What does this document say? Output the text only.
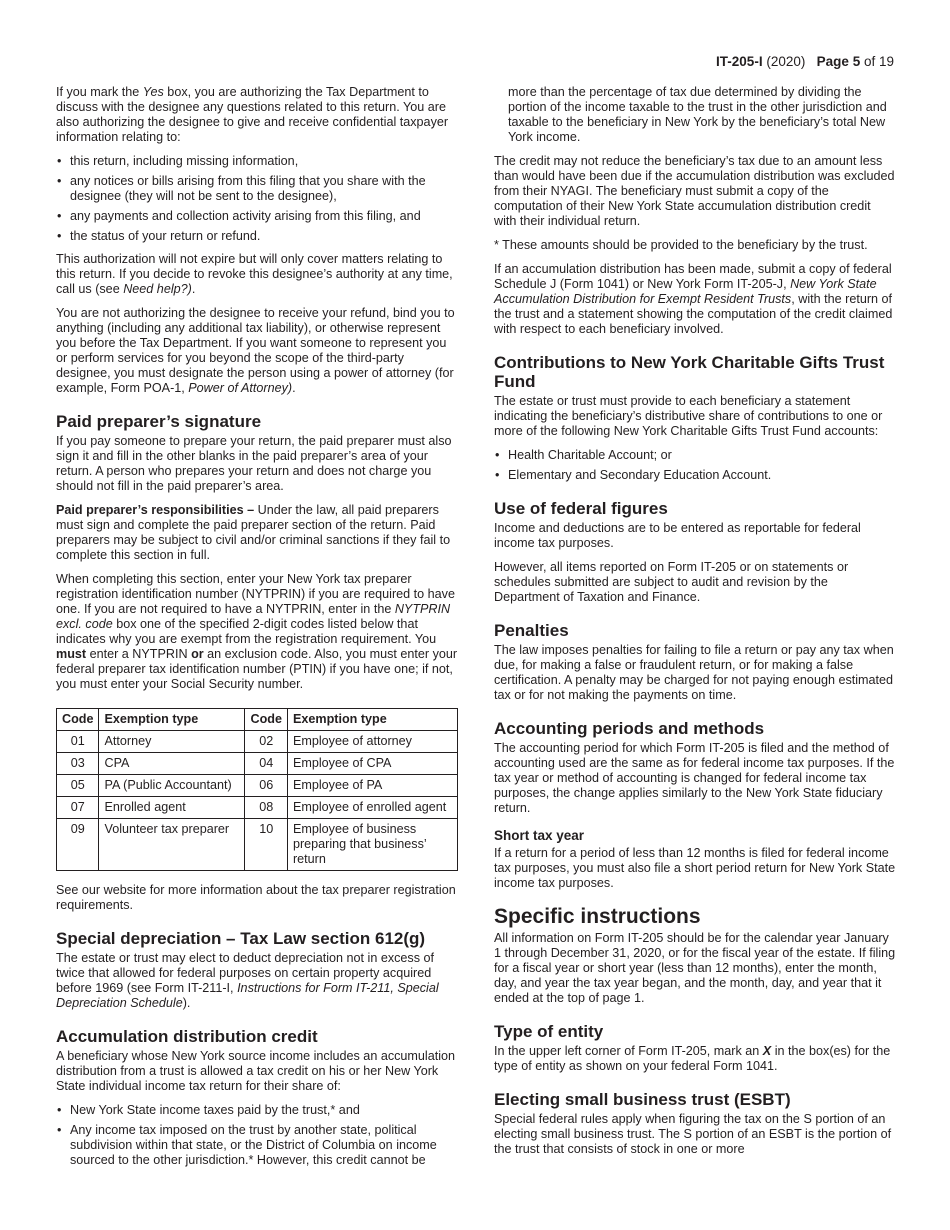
IT-205-I (2020) Page 5 of 19

If you mark the Yes box, you are authorizing the Tax Department to discuss with the designee any questions related to this return. You are also authorizing the designee to give and receive confidential taxpayer information relating to:

• this return, including missing information,
• any notices or bills arising from this filing that you share with the designee (they will not be sent to the designee),
• any payments and collection activity arising from this filing, and
• the status of your return or refund.

This authorization will not expire but will only cover matters relating to this return. If you decide to revoke this designee’s authority at any time, call us (see Need help?).

You are not authorizing the designee to receive your refund, bind you to anything (including any additional tax liability), or otherwise represent you before the Tax Department. If you want someone to represent you or perform services for you beyond the scope of the third-party designee, you must designate the person using a power of attorney (for example, Form POA-1, Power of Attorney).

Paid preparer’s signature

If you pay someone to prepare your return, the paid preparer must also sign it and fill in the other blanks in the paid preparer’s area of your return. A person who prepares your return and does not charge you should not fill in the paid preparer’s area.

Paid preparer’s responsibilities – Under the law, all paid preparers must sign and complete the paid preparer section of the return. Paid preparers may be subject to civil and/or criminal sanctions if they fail to complete this section in full.

When completing this section, enter your New York tax preparer registration identification number (NYTPRIN) if you are required to have one. If you are not required to have a NYTPRIN, enter in the NYTPRIN excl. code box one of the specified 2-digit codes listed below that indicates why you are exempt from the registration requirement. You must enter a NYTPRIN or an exclusion code. Also, you must enter your federal preparer tax identification number (PTIN) if you have one; if not, you must enter your Social Security number.

Code	Exemption type	Code	Exemption type
01	Attorney	02	Employee of attorney
03	CPA	04	Employee of CPA
05	PA (Public Accountant)	06	Employee of PA
07	Enrolled agent	08	Employee of enrolled agent
09	Volunteer tax preparer	10	Employee of business preparing that business’ return

See our website for more information about the tax preparer registration requirements.

Special depreciation – Tax Law section 612(g)

The estate or trust may elect to deduct depreciation not in excess of twice that allowed for federal purposes on certain property acquired before 1969 (see Form IT-211-I, Instructions for Form IT-211, Special Depreciation Schedule).

Accumulation distribution credit

A beneficiary whose New York source income includes an accumulation distribution from a trust is allowed a tax credit on his or her New York State individual income tax return for their share of:

• New York State income taxes paid by the trust,* and
• Any income tax imposed on the trust by another state, political subdivision within that state, or the District of Columbia on income sourced to the other jurisdiction.* However, this credit cannot be

more than the percentage of tax due determined by dividing the portion of the income taxable to the trust in the other jurisdiction and taxable to the beneficiary in New York by the beneficiary’s total New York income.

The credit may not reduce the beneficiary’s tax due to an amount less than would have been due if the accumulation distribution was excluded from their NYAGI. The beneficiary must submit a copy of the computation of their New York State accumulation distribution credit with their individual return.

* These amounts should be provided to the beneficiary by the trust.

If an accumulation distribution has been made, submit a copy of federal Schedule J (Form 1041) or New York Form IT-205-J, New York State Accumulation Distribution for Exempt Resident Trusts, with the return of the trust and a statement showing the computation of the credit claimed with respect to each beneficiary involved.

Contributions to New York Charitable Gifts Trust Fund

The estate or trust must provide to each beneficiary a statement indicating the beneficiary’s distributive share of contributions to one or more of the following New York Charitable Gifts Trust Fund accounts:

• Health Charitable Account; or
• Elementary and Secondary Education Account.
Use of federal figures

Income and deductions are to be entered as reportable for federal income tax purposes.

However, all items reported on Form IT-205 or on statements or schedules submitted are subject to audit and revision by the Department of Taxation and Finance.

Penalties

The law imposes penalties for failing to file a return or pay any tax when due, for making a false or fraudulent return, or for making a false certification. A penalty may be charged for not paying enough estimated tax or for not making the payments on time.

Accounting periods and methods

The accounting period for which Form IT-205 is filed and the method of accounting used are the same as for federal income tax purposes. If the tax year or method of accounting is changed for federal income tax purposes, the change applies similarly to the New York State fiduciary return.

Short tax year

If a return for a period of less than 12 months is filed for federal income tax purposes, you must also file a short period return for New York State income tax purposes.

Specific instructions

All information on Form IT-205 should be for the calendar year January 1 through December 31, 2020, or for the fiscal year of the estate. If filing for a fiscal year or short year (less than 12 months), enter the month, day, and year the tax year began, and the month, day, and year that it ended at the top of page 1.

Type of entity

In the upper left corner of Form IT-205, mark an X in the box(es) for the type of entity as shown on your federal Form 1041.

Electing small business trust (ESBT)

Special federal rules apply when figuring the tax on the S portion of an electing small business trust. The S portion of an ESBT is the portion of the trust that consists of stock in one or more
